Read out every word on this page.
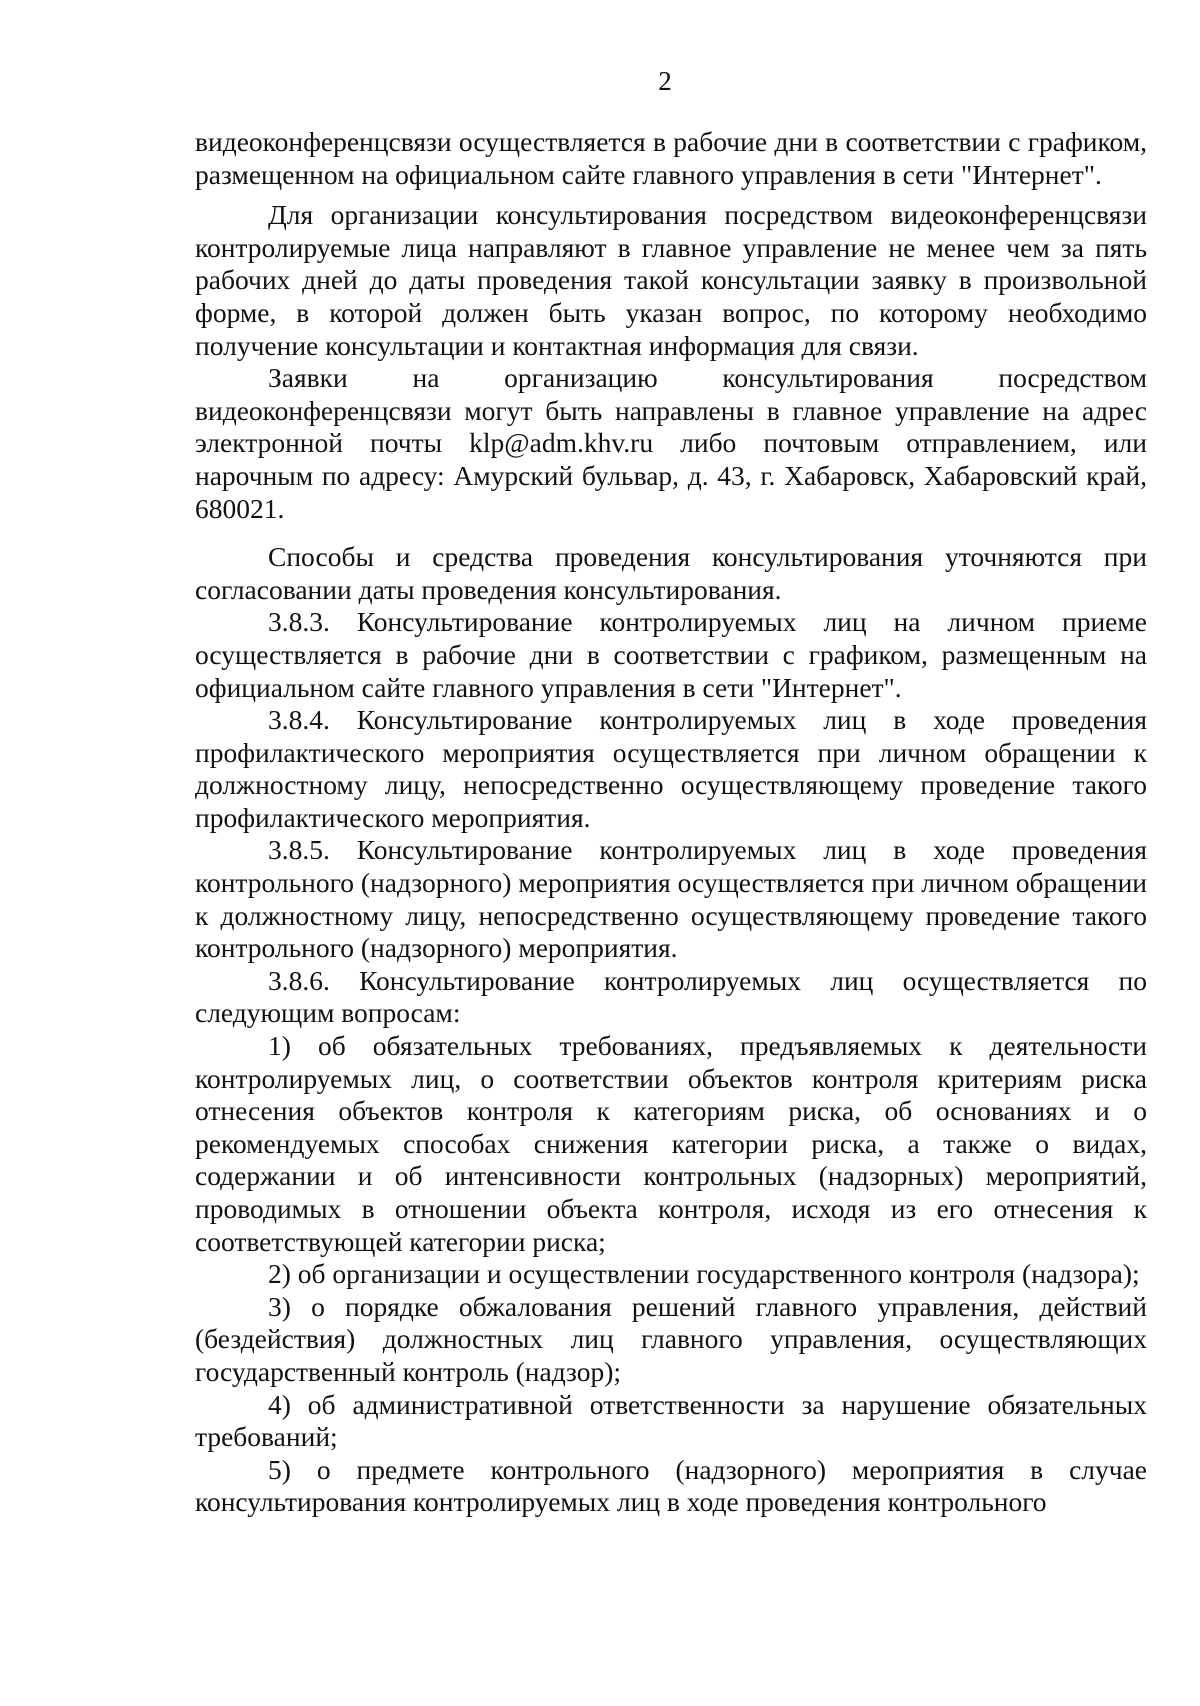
2

видеоконференцсвязи осуществляется в рабочие дни в соответствии с графиком, размещенном на официальном сайте главного управления в сети "Интернет".

Для организации консультирования посредством видеоконференцсвязи контролируемые лица направляют в главное управление не менее чем за пять рабочих дней до даты проведения такой консультации заявку в произвольной форме, в которой должен быть указан вопрос, по которому необходимо получение консультации и контактная информация для связи.

Заявки на организацию консультирования посредством видеоконференцсвязи могут быть направлены в главное управление на адрес электронной почты klp@adm.khv.ru либо почтовым отправлением, или нарочным по адресу: Амурский бульвар, д. 43, г. Хабаровск, Хабаровский край, 680021.

Способы и средства проведения консультирования уточняются при согласовании даты проведения консультирования.

3.8.3. Консультирование контролируемых лиц на личном приеме осуществляется в рабочие дни в соответствии с графиком, размещенным на официальном сайте главного управления в сети "Интернет".

3.8.4. Консультирование контролируемых лиц в ходе проведения профилактического мероприятия осуществляется при личном обращении к должностному лицу, непосредственно осуществляющему проведение такого профилактического мероприятия.

3.8.5. Консультирование контролируемых лиц в ходе проведения контрольного (надзорного) мероприятия осуществляется при личном обращении к должностному лицу, непосредственно осуществляющему проведение такого контрольного (надзорного) мероприятия.

3.8.6. Консультирование контролируемых лиц осуществляется по следующим вопросам:

1) об обязательных требованиях, предъявляемых к деятельности контролируемых лиц, о соответствии объектов контроля критериям риска отнесения объектов контроля к категориям риска, об основаниях и о рекомендуемых способах снижения категории риска, а также о видах, содержании и об интенсивности контрольных (надзорных) мероприятий, проводимых в отношении объекта контроля, исходя из его отнесения к соответствующей категории риска;

2) об организации и осуществлении государственного контроля (надзора);

3) о порядке обжалования решений главного управления, действий (бездействия) должностных лиц главного управления, осуществляющих государственный контроль (надзор);

4) об административной ответственности за нарушение обязательных требований;

5) о предмете контрольного (надзорного) мероприятия в случае консультирования контролируемых лиц в ходе проведения контрольного
